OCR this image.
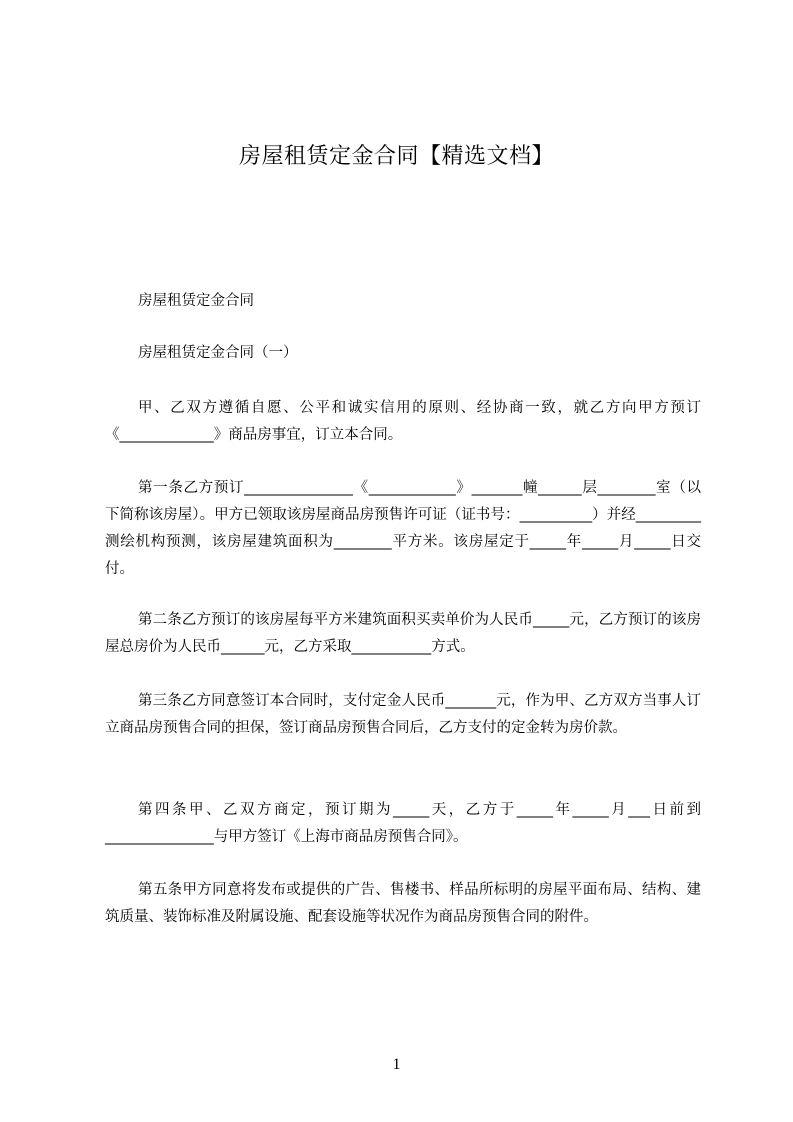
房屋租赁定金合同【精选文档】

房屋租赁定金合同

房屋租赁定金合同（一）

甲、乙双方遵循自愿、公平和诚实信用的原则、经协商一致，就乙方向甲方预订《_____________》商品房事宜，订立本合同。

第一条乙方预订_______________《____________》_______幢______层________室（以下简称该房屋）。甲方已领取该房屋商品房预售许可证（证书号：__________）并经_________测绘机构预测，该房屋建筑面积为________平方米。该房屋定于_____年_____月_____日交付。

第二条乙方预订的该房屋每平方米建筑面积买卖单价为人民币_____元，乙方预订的该房屋总房价为人民币______元，乙方采取___________方式。

第三条乙方同意签订本合同时，支付定金人民币_______元，作为甲、乙方双方当事人订立商品房预售合同的担保，签订商品房预售合同后，乙方支付的定金转为房价款。

第四条甲、乙双方商定，预订期为_____天，乙方于_____年_____月___日前到_______________与甲方签订《上海市商品房预售合同》。

第五条甲方同意将发布或提供的广告、售楼书、样品所标明的房屋平面布局、结构、建筑质量、装饰标准及附属设施、配套设施等状况作为商品房预售合同的附件。

1
